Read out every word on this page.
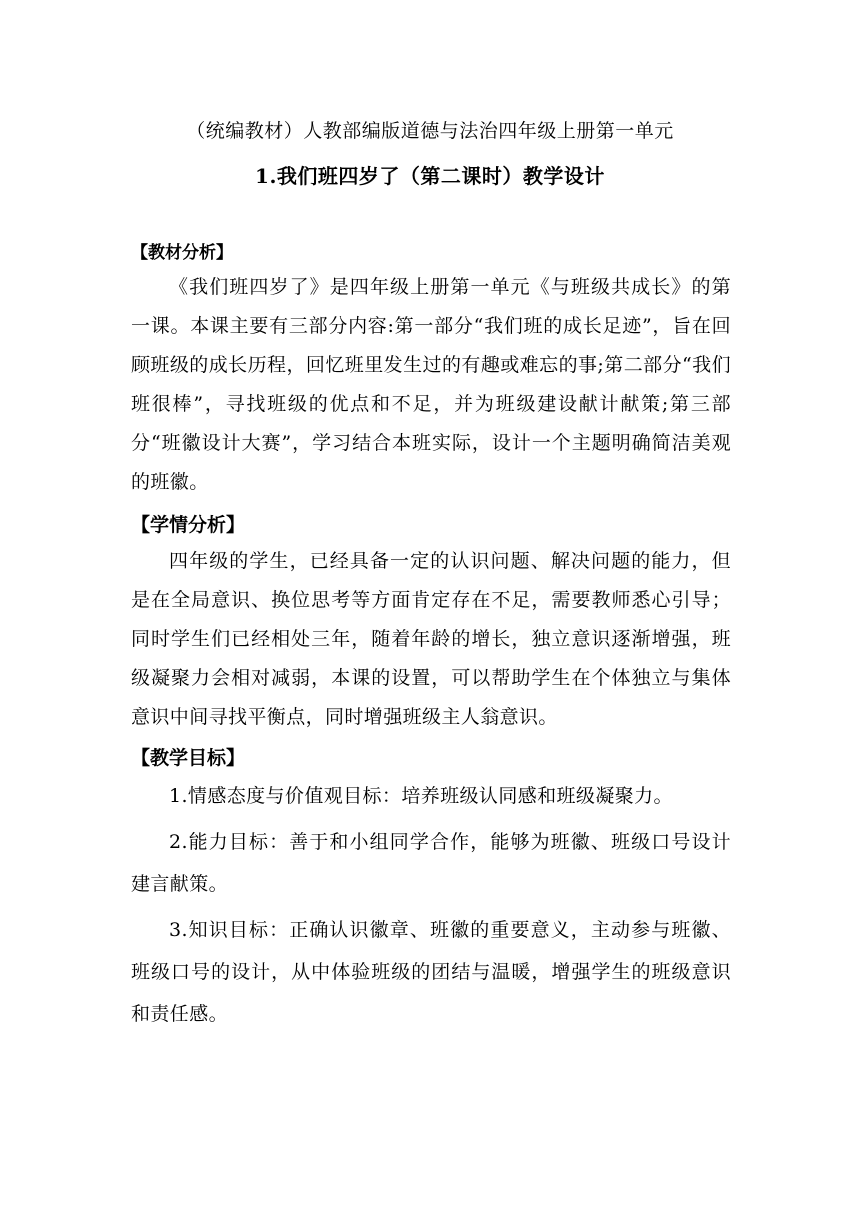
（统编教材）人教部编版道德与法治四年级上册第一单元
1.我们班四岁了（第二课时）教学设计
【教材分析】

《我们班四岁了》是四年级上册第一单元《与班级共成长》的第一课。本课主要有三部分内容:第一部分“我们班的成长足迹”，旨在回顾班级的成长历程，回忆班里发生过的有趣或难忘的事;第二部分“我们班很棒”，寻找班级的优点和不足，并为班级建设献计献策;第三部分“班徽设计大赛”，学习结合本班实际，设计一个主题明确简洁美观的班徽。

【学情分析】

四年级的学生，已经具备一定的认识问题、解决问题的能力，但是在全局意识、换位思考等方面肯定存在不足，需要教师悉心引导；同时学生们已经相处三年，随着年龄的增长，独立意识逐渐增强，班级凝聚力会相对减弱，本课的设置，可以帮助学生在个体独立与集体意识中间寻找平衡点，同时增强班级主人翁意识。

【教学目标】

1.情感态度与价值观目标：培养班级认同感和班级凝聚力。

2.能力目标：善于和小组同学合作，能够为班徽、班级口号设计建言献策。

3.知识目标：正确认识徽章、班徽的重要意义，主动参与班徽、班级口号的设计，从中体验班级的团结与温暖，增强学生的班级意识和责任感。
